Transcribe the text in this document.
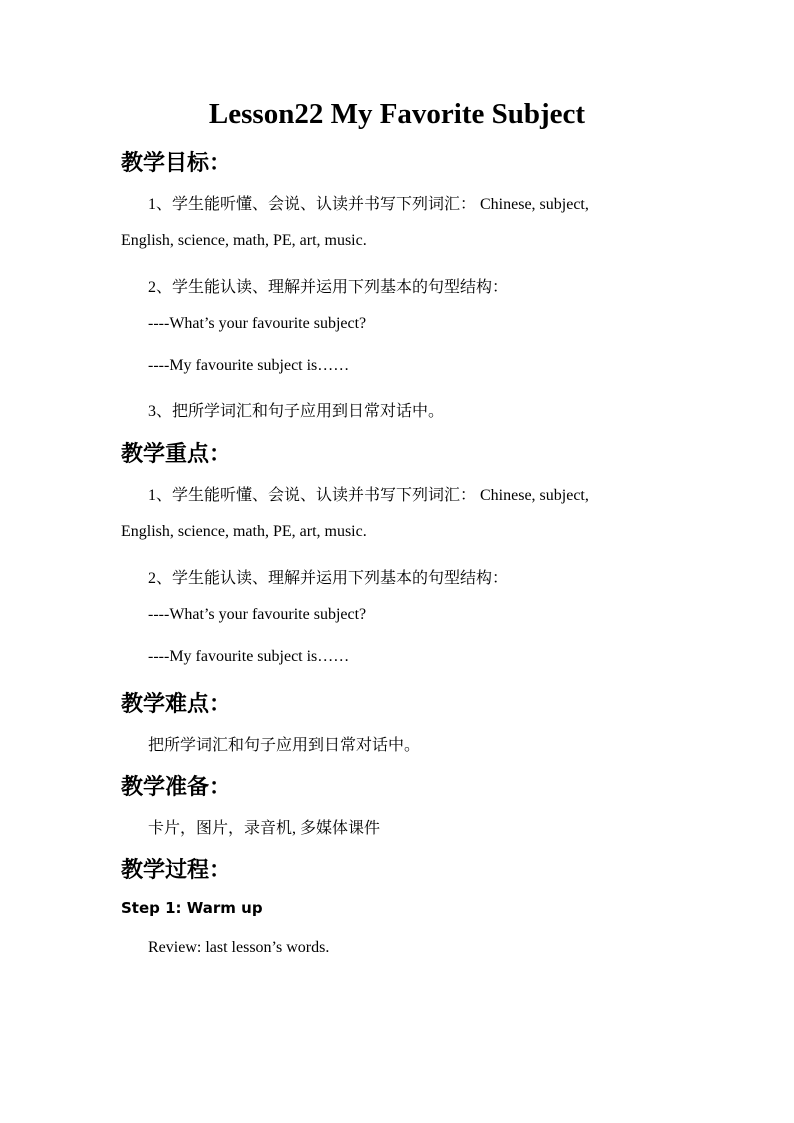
Lesson22 My Favorite Subject
教学目标：
1、学生能听懂、会说、认读并书写下列词汇： Chinese, subject,
English, science, math, PE, art, music.
2、学生能认读、理解并运用下列基本的句型结构：
----What’s your favourite subject?
----My favourite subject is……
3、把所学词汇和句子应用到日常对话中。
教学重点：
1、学生能听懂、会说、认读并书写下列词汇： Chinese, subject,
English, science, math, PE, art, music.
2、学生能认读、理解并运用下列基本的句型结构：
----What’s your favourite subject?
----My favourite subject is……
教学难点：
把所学词汇和句子应用到日常对话中。
教学准备：
卡片，图片，录音机, 多媒体课件
教学过程：
Step 1: Warm up
Review: last lesson’s words.
